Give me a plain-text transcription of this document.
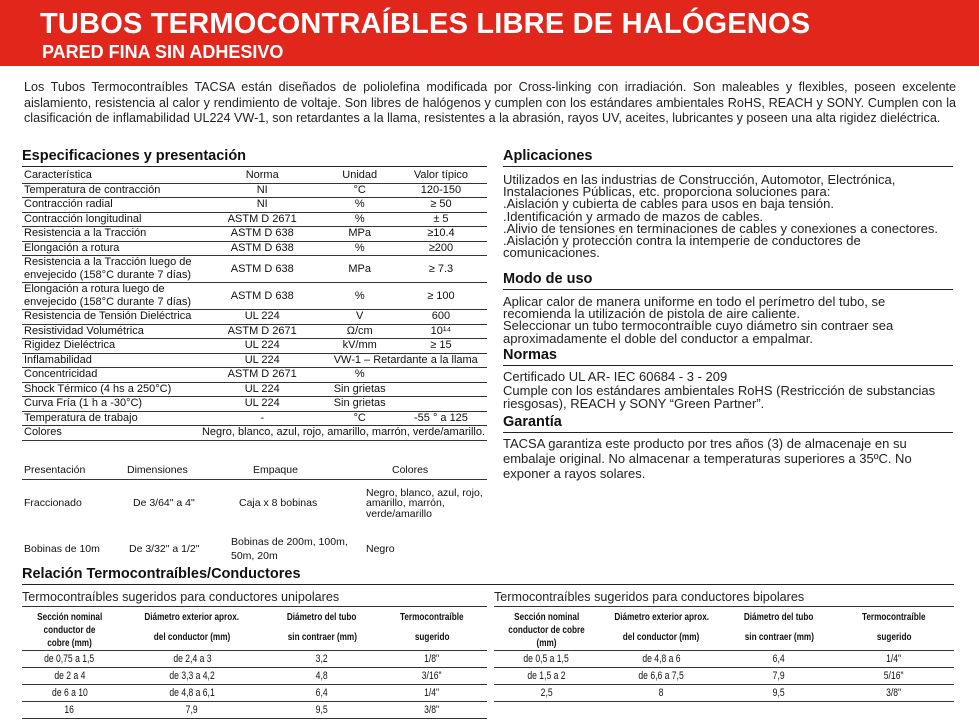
TUBOS TERMOCONTRAÍBLES LIBRE DE HALÓGENOS
PARED FINA SIN ADHESIVO
Los Tubos Termocontraíbles TACSA están diseñados de poliolefina modificada por Cross-linking con irradiación. Son maleables y flexibles, poseen excelente aislamiento, resistencia al calor y rendimiento de voltaje. Son libres de halógenos y cumplen con los estándares ambientales RoHS, REACH y SONY. Cumplen con la clasificación de inflamabilidad UL224 VW-1, son retardantes a la llama, resistentes a la abrasión, rayos UV, aceites, lubricantes y poseen una alta rigidez dieléctrica.
Especificaciones y presentación
Característica	Norma	Unidad	Valor típico
Temperatura de contracción	NI	°C	120-150
Contracción radial	NI	%	≥ 50
Contracción longitudinal	ASTM D 2671	%	± 5
Resistencia a la Tracción	ASTM D 638	MPa	≥10.4
Elongación a rotura	ASTM D 638	%	≥200
Resistencia a la Tracción luego de envejecido (158°C durante 7 días)	ASTM D 638	MPa	≥ 7.3
Elongación a rotura luego de envejecido (158°C durante 7 días)	ASTM D 638	%	≥ 100
Resistencia de Tensión Dieléctrica	UL 224	V	600
Resistividad Volumétrica	ASTM D 2671	Ω/cm	10¹⁴
Rigidez Dieléctrica	UL 224	kV/mm	≥ 15
Inflamabilidad	UL 224	VW-1 – Retardante a la llama	
Concentricidad	ASTM D 2671	%	
Shock Térmico (4 hs a 250°C)	UL 224	Sin grietas	
Curva Fría (1 h a -30°C)	UL 224	Sin grietas	
Temperatura de trabajo	-	°C	-55 ° a 125
Colores	Negro, blanco, azul, rojo, amarillo, marrón, verde/amarillo.		
Presentación	Dimensiones	Empaque	Colores
Fraccionado	De 3/64" a 4"	Caja x 8 bobinas	Negro, blanco, azul, rojo, amarillo, marrón, verde/amarillo
Bobinas de 10m	De 3/32" a 1/2"	Bobinas de 200m, 100m, 50m, 20m	Negro
Aplicaciones

Utilizados en las industrias de Construcción, Automotor, Electrónica, Instalaciones Públicas, etc. proporciona soluciones para:

.Aislación y cubierta de cables para usos en baja tensión.

.Identificación y armado de mazos de cables.

.Alivio de tensiones en terminaciones de cables y conexiones a conectores.

.Aislación y protección contra la intemperie de conductores de comunicaciones.

Modo de uso

Aplicar calor de manera uniforme en todo el perímetro del tubo, se recomienda la utilización de pistola de aire caliente.

Seleccionar un tubo termocontraíble cuyo diámetro sin contraer sea aproximadamente el doble del conductor a empalmar.

Normas

Certificado UL AR- IEC 60684 - 3 - 209

Cumple con los estándares ambientales RoHS (Restricción de substancias riesgosas), REACH y SONY “Green Partner”.

Garantía
TACSA garantiza este producto por tres años (3) de almacenaje en su embalaje original. No almacenar a temperaturas superiores a 35ºC. No exponer a rayos solares.
Relación Termocontraíbles/Conductores
Termocontraíbles sugeridos para conductores unipolares	Termocontraíbles sugeridos para conductores bipolares
Sección nominal	Diámetro exterior aprox.	Diámetro del tubo	Termocontraíble
conductor de cobre (mm)	del conductor (mm)	sin contraer (mm)	sugerido
de 0,75 a 1,5	de 2,4 a 3	3,2	1/8"
de 2 a 4	de 3,3 a 4,2	4,8	3/16"
de 6 a 10	de 4,8 a 6,1	6,4	1/4"
16	7,9	9,5	3/8"
Sección nominal	Diámetro exterior aprox.	Diámetro del tubo	Termocontraíble
conductor de cobre (mm)	del conductor (mm)	sin contraer (mm)	sugerido
de 0,5 a 1,5	de 4,8 a 6	6,4	1/4"
de 1,5 a 2	de 6,6 a 7,5	7,9	5/16"
2,5	8	9,5	3/8"
